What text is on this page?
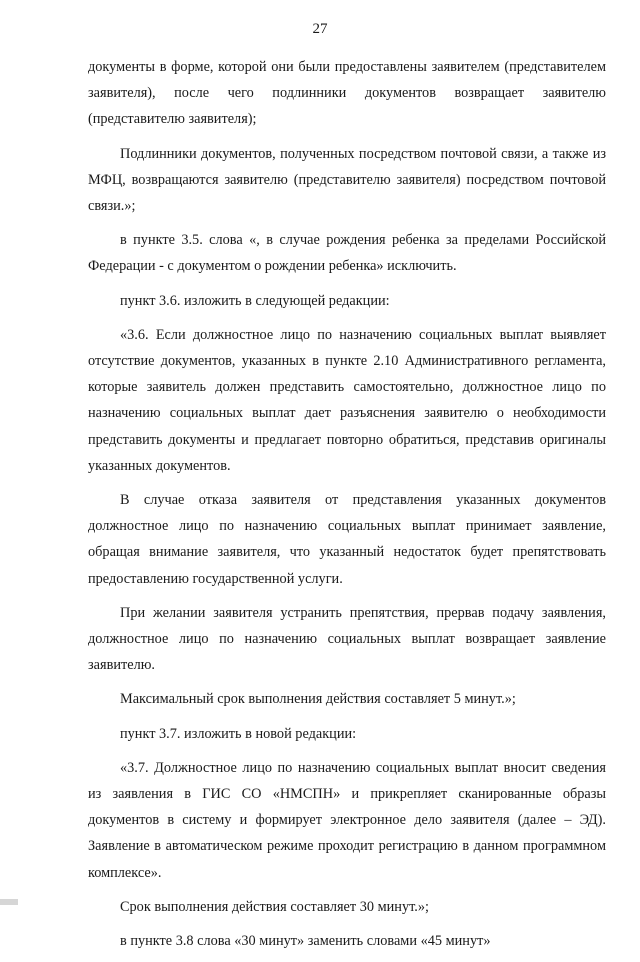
27

документы в форме, которой они были предоставлены заявителем (представителем заявителя), после чего подлинники документов возвращает заявителю (представителю заявителя);

Подлинники документов, полученных посредством почтовой связи, а также из МФЦ, возвращаются заявителю (представителю заявителя) посредством почтовой связи.»;

в пункте 3.5. слова «, в случае рождения ребенка за пределами Российской Федерации - с документом о рождении ребенка» исключить.

пункт 3.6. изложить в следующей редакции:

«3.6. Если должностное лицо по назначению социальных выплат выявляет отсутствие документов, указанных в пункте 2.10 Административного регламента, которые заявитель должен представить самостоятельно, должностное лицо по назначению социальных выплат дает разъяснения заявителю о необходимости представить документы и предлагает повторно обратиться, представив оригиналы указанных документов.

В случае отказа заявителя от представления указанных документов должностное лицо по назначению социальных выплат принимает заявление, обращая внимание заявителя, что указанный недостаток будет препятствовать предоставлению государственной услуги.

При желании заявителя устранить препятствия, прервав подачу заявления, должностное лицо по назначению социальных выплат возвращает заявление заявителю.

Максимальный срок выполнения действия составляет 5 минут.»;

пункт 3.7. изложить в новой редакции:

«3.7. Должностное лицо по назначению социальных выплат вносит сведения из заявления в ГИС СО «НМСПН» и прикрепляет сканированные образы документов в систему и формирует электронное дело заявителя (далее – ЭД). Заявление в автоматическом режиме проходит регистрацию в данном программном комплексе».

Срок выполнения действия составляет 30 минут.»;

в пункте 3.8 слова «30 минут» заменить словами «45 минут»
